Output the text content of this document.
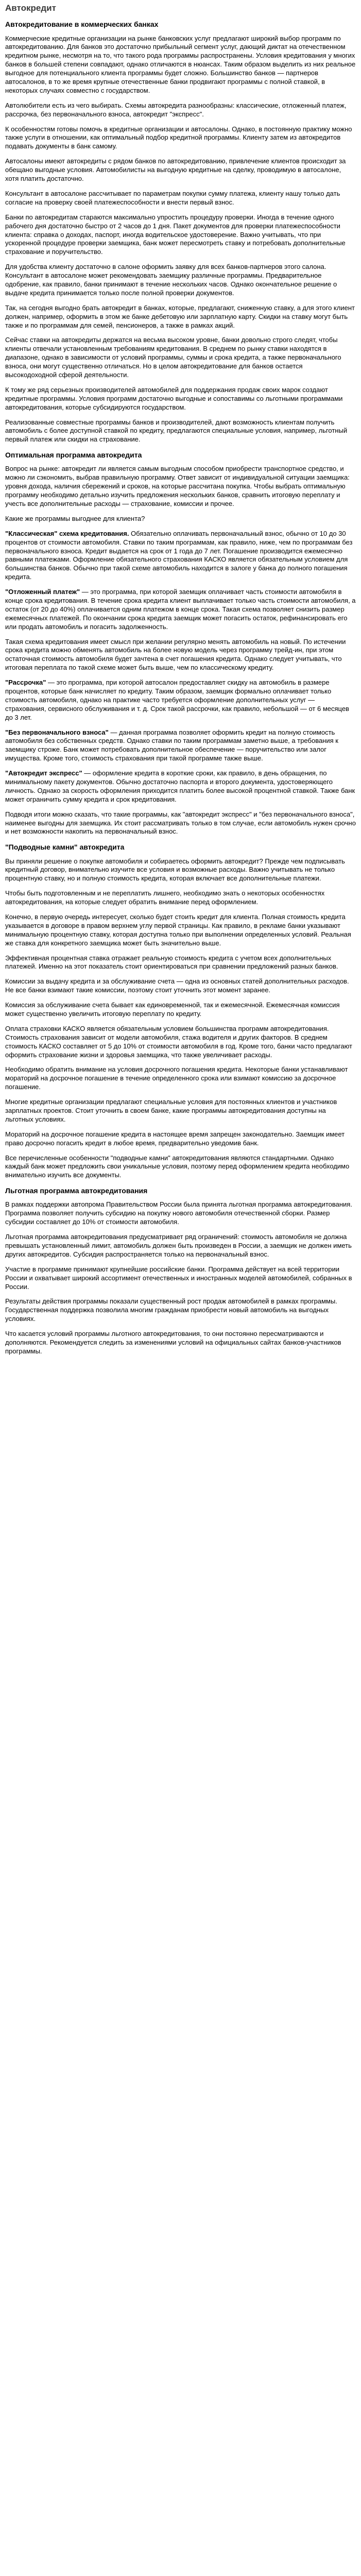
Автокредит
Автокредитование в коммерческих банках

Коммерческие кредитные организации на рынке банковских услуг предлагают широкий выбор программ по автокредитованию. Для банков это достаточно прибыльный сегмент услуг, дающий диктат на отечественном кредитном рынке, несмотря на то, что такого рода программы распространены. Условия кредитования у многих банков в большей степени совпадают, однако отличаются в нюансах. Таким образом выделить из них реальное выгодное для потенциального клиента программы будет сложно. Большинство банков — партнеров автосалонов, в то же время крупные отечественные банки продвигают программы с полной ставкой, в некоторых случаях совместно с государством.

Автолюбители есть из чего выбирать. Схемы автокредита разнообразны: классические, отложенный платеж, рассрочка, без первоначального взноса, автокредит "экспресс".

К особенностям готовы помочь в кредитные организации и автосалоны. Однако, в постоянную практику можно также услуги в отношении, как оптимальный подбор кредитной программы. Клиенту затем из автокредитов подавать документы в банк самому.

Автосалоны имеют автокредиты с рядом банков по автокредитованию, привлечение клиентов происходит за обещано выгодные условия. Автомобилисты на выгодную кредитные на сделку, проводимую в автосалоне, хотя платить достаточно.

Консультант в автосалоне рассчитывает по параметрам покупки сумму платежа, клиенту нашу только дать согласие на проверку своей платежеспособности и внести первый взнос.

Банки по автокредитам стараются максимально упростить процедуру проверки. Иногда в течение одного рабочего дня достаточно быстро от 2 часов до 1 дня. Пакет документов для проверки платежеспособности клиента: справка о доходах, паспорт, иногда водительское удостоверение. Важно учитывать, что при ускоренной процедуре проверки заемщика, банк может пересмотреть ставку и потребовать дополнительные страхование и поручительство.

Для удобства клиенту достаточно в салоне оформить заявку для всех банков-партнеров этого салона. Консультант в автосалоне может рекомендовать заемщику различные программы. Предварительное одобрение, как правило, банки принимают в течение нескольких часов. Однако окончательное решение о выдаче кредита принимается только после полной проверки документов.

Так, на сегодня выгодно брать автокредит в банках, которые, предлагают, сниженную ставку, а для этого клиент должен, например, оформить в этом же банке дебетовую или зарплатную карту. Скидки на ставку могут быть также и по программам для семей, пенсионеров, а также в рамках акций.

Сейчас ставки на автокредиты держатся на весьма высоком уровне, банки довольно строго следят, чтобы клиенты отвечали установленным требованиям кредитования. В среднем по рынку ставки находятся в диапазоне, однако в зависимости от условий программы, суммы и срока кредита, а также первоначального взноса, они могут существенно отличаться. Но в целом автокредитование для банков остается высокодоходной сферой деятельности.

К тому же ряд серьезных производителей автомобилей для поддержания продаж своих марок создают кредитные программы. Условия программ достаточно выгодные и сопоставимы со льготными программами автокредитования, которые субсидируются государством.

Реализованные совместные программы банков и производителей, дают возможность клиентам получить автомобиль с более доступной ставкой по кредиту, предлагаются специальные условия, например, льготный первый платеж или скидки на страхование.

Оптимальная программа автокредита

Вопрос на рынке: автокредит ли является самым выгодным способом приобрести транспортное средство, и можно ли сэкономить, выбрав правильную программу. Ответ зависит от индивидуальной ситуации заемщика: уровня дохода, наличия сбережений и сроков, на которые рассчитана покупка. Чтобы выбрать оптимальную программу необходимо детально изучить предложения нескольких банков, сравнить итоговую переплату и учесть все дополнительные расходы — страхование, комиссии и прочее.

Какие же программы выгоднее для клиента?

"Классическая" схема кредитования. Обязательно оплачивать первоначальный взнос, обычно от 10 до 30 процентов от стоимости автомобиля. Ставки по таким программам, как правило, ниже, чем по программам без первоначального взноса. Кредит выдается на срок от 1 года до 7 лет. Погашение производится ежемесячно равными платежами. Оформление обязательного страхования КАСКО является обязательным условием для большинства банков. Обычно при такой схеме автомобиль находится в залоге у банка до полного погашения кредита.

"Отложенный платеж" — это программа, при которой заемщик оплачивает часть стоимости автомобиля в конце срока кредитования. В течение срока кредита клиент выплачивает только часть стоимости автомобиля, а остаток (от 20 до 40%) оплачивается одним платежом в конце срока. Такая схема позволяет снизить размер ежемесячных платежей. По окончании срока кредита заемщик может погасить остаток, рефинансировать его или продать автомобиль и погасить задолженность.

Такая схема кредитования имеет смысл при желании регулярно менять автомобиль на новый. По истечении срока кредита можно обменять автомобиль на более новую модель через программу трейд-ин, при этом остаточная стоимость автомобиля будет зачтена в счет погашения кредита. Однако следует учитывать, что итоговая переплата по такой схеме может быть выше, чем по классическому кредиту.

"Рассрочка" — это программа, при которой автосалон предоставляет скидку на автомобиль в размере процентов, которые банк начисляет по кредиту. Таким образом, заемщик формально оплачивает только стоимость автомобиля, однако на практике часто требуется оформление дополнительных услуг — страхования, сервисного обслуживания и т. д. Срок такой рассрочки, как правило, небольшой — от 6 месяцев до 3 лет.

"Без первоначального взноса" — данная программа позволяет оформить кредит на полную стоимость автомобиля без собственных средств. Однако ставки по таким программам заметно выше, а требования к заемщику строже. Банк может потребовать дополнительное обеспечение — поручительство или залог имущества. Кроме того, стоимость страхования при такой программе также выше.

"Автокредит экспресс" — оформление кредита в короткие сроки, как правило, в день обращения, по минимальному пакету документов. Обычно достаточно паспорта и второго документа, удостоверяющего личность. Однако за скорость оформления приходится платить более высокой процентной ставкой. Также банк может ограничить сумму кредита и срок кредитования.

Подводя итоги можно сказать, что такие программы, как "автокредит экспресс" и "без первоначального взноса", наименее выгодны для заемщика. Их стоит рассматривать только в том случае, если автомобиль нужен срочно и нет возможности накопить на первоначальный взнос.

"Подводные камни" автокредита

Вы приняли решение о покупке автомобиля и собираетесь оформить автокредит? Прежде чем подписывать кредитный договор, внимательно изучите все условия и возможные расходы. Важно учитывать не только процентную ставку, но и полную стоимость кредита, которая включает все дополнительные платежи.

Чтобы быть подготовленным и не переплатить лишнего, необходимо знать о некоторых особенностях автокредитования, на которые следует обратить внимание перед оформлением.

Конечно, в первую очередь интересует, сколько будет стоить кредит для клиента. Полная стоимость кредита указывается в договоре в правом верхнем углу первой страницы. Как правило, в рекламе банки указывают минимальную процентную ставку, которая доступна только при выполнении определенных условий. Реальная же ставка для конкретного заемщика может быть значительно выше.

Эффективная процентная ставка отражает реальную стоимость кредита с учетом всех дополнительных платежей. Именно на этот показатель стоит ориентироваться при сравнении предложений разных банков.

Комиссии за выдачу кредита и за обслуживание счета — одна из основных статей дополнительных расходов. Не все банки взимают такие комиссии, поэтому стоит уточнить этот момент заранее.

Комиссия за обслуживание счета бывает как единовременной, так и ежемесячной. Ежемесячная комиссия может существенно увеличить итоговую переплату по кредиту.

Оплата страховки КАСКО является обязательным условием большинства программ автокредитования. Стоимость страхования зависит от модели автомобиля, стажа водителя и других факторов. В среднем стоимость КАСКО составляет от 5 до 10% от стоимости автомобиля в год. Кроме того, банки часто предлагают оформить страхование жизни и здоровья заемщика, что также увеличивает расходы.

Необходимо обратить внимание на условия досрочного погашения кредита. Некоторые банки устанавливают мораторий на досрочное погашение в течение определенного срока или взимают комиссию за досрочное погашение.

Многие кредитные организации предлагают специальные условия для постоянных клиентов и участников зарплатных проектов. Стоит уточнить в своем банке, какие программы автокредитования доступны на льготных условиях.

Мораторий на досрочное погашение кредита в настоящее время запрещен законодательно. Заемщик имеет право досрочно погасить кредит в любое время, предварительно уведомив банк.

Все перечисленные особенности "подводные камни" автокредитования являются стандартными. Однако каждый банк может предложить свои уникальные условия, поэтому перед оформлением кредита необходимо внимательно изучить все документы.

Льготная программа автокредитования

В рамках поддержки автопрома Правительством России была принята льготная программа автокредитования. Программа позволяет получить субсидию на покупку нового автомобиля отечественной сборки. Размер субсидии составляет до 10% от стоимости автомобиля.

Льготная программа автокредитования предусматривает ряд ограничений: стоимость автомобиля не должна превышать установленный лимит, автомобиль должен быть произведен в России, а заемщик не должен иметь других автокредитов. Субсидия распространяется только на первоначальный взнос.

Участие в программе принимают крупнейшие российские банки. Программа действует на всей территории России и охватывает широкий ассортимент отечественных и иностранных моделей автомобилей, собранных в России.

Результаты действия программы показали существенный рост продаж автомобилей в рамках программы. Государственная поддержка позволила многим гражданам приобрести новый автомобиль на выгодных условиях.

Что касается условий программы льготного автокредитования, то они постоянно пересматриваются и дополняются. Рекомендуется следить за изменениями условий на официальных сайтах банков-участников программы.
